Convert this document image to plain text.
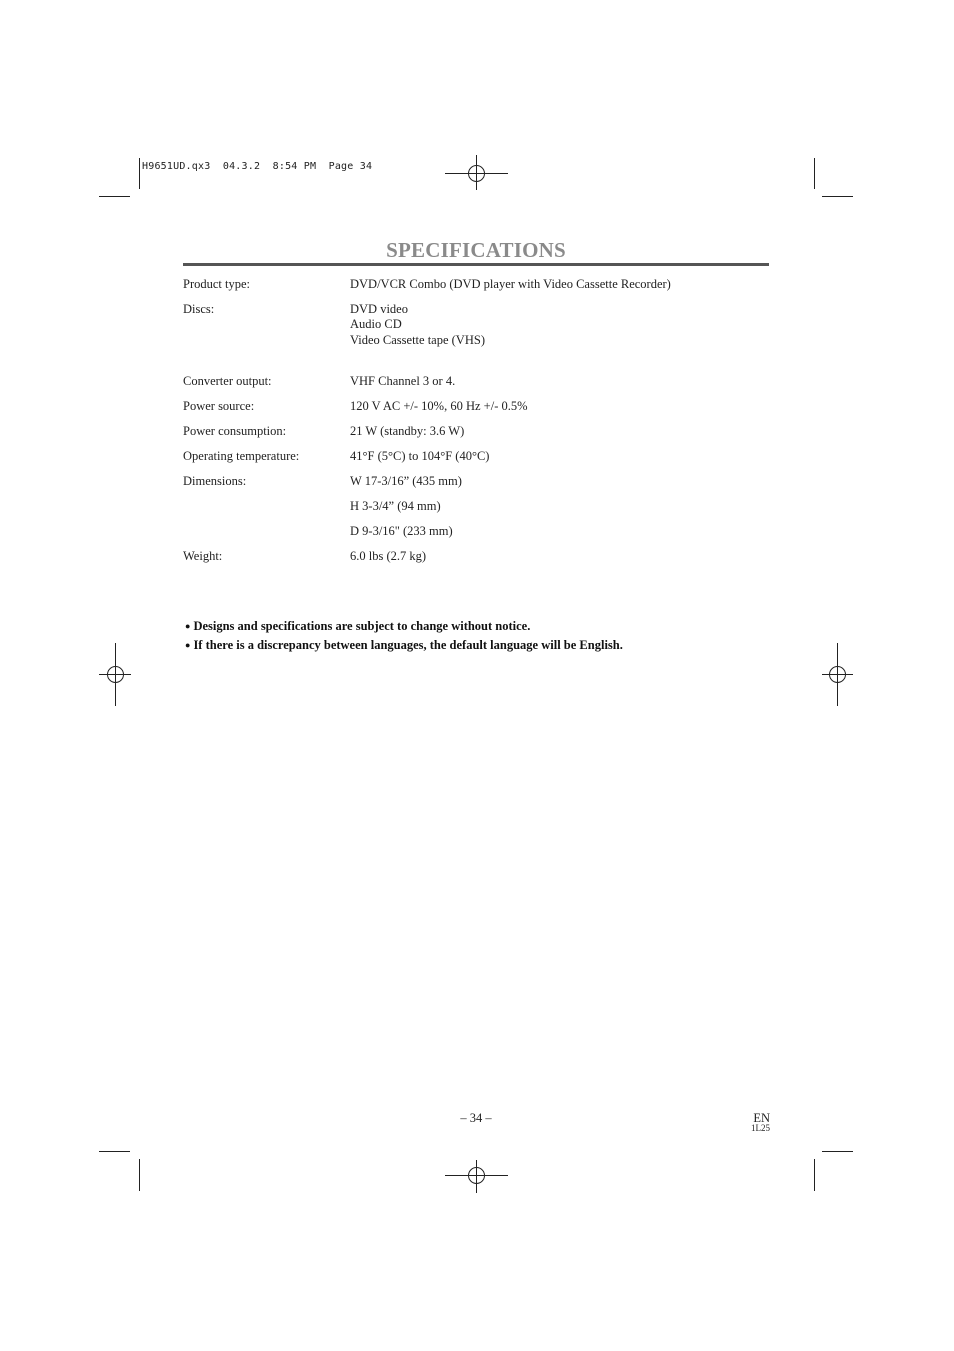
H9651UD.qx3  04.3.2  8:54 PM  Page 34
SPECIFICATIONS
Product type:	DVD/VCR Combo (DVD player with Video Cassette Recorder)
Discs:	DVD video
Audio CD
Video Cassette tape (VHS)
Converter output:	VHF Channel 3 or 4.
Power source:	120 V AC +/- 10%, 60 Hz +/- 0.5%
Power consumption:	21 W (standby: 3.6 W)
Operating temperature:	41°F (5°C) to 104°F (40°C)
Dimensions:	W 17-3/16” (435 mm)
H 3-3/4” (94 mm)
D 9-3/16" (233 mm)
Weight:	6.0 lbs (2.7 kg)
● Designs and specifications are subject to change without notice.
● If there is a discrepancy between languages, the default language will be English.
– 34 –	EN
1L25
